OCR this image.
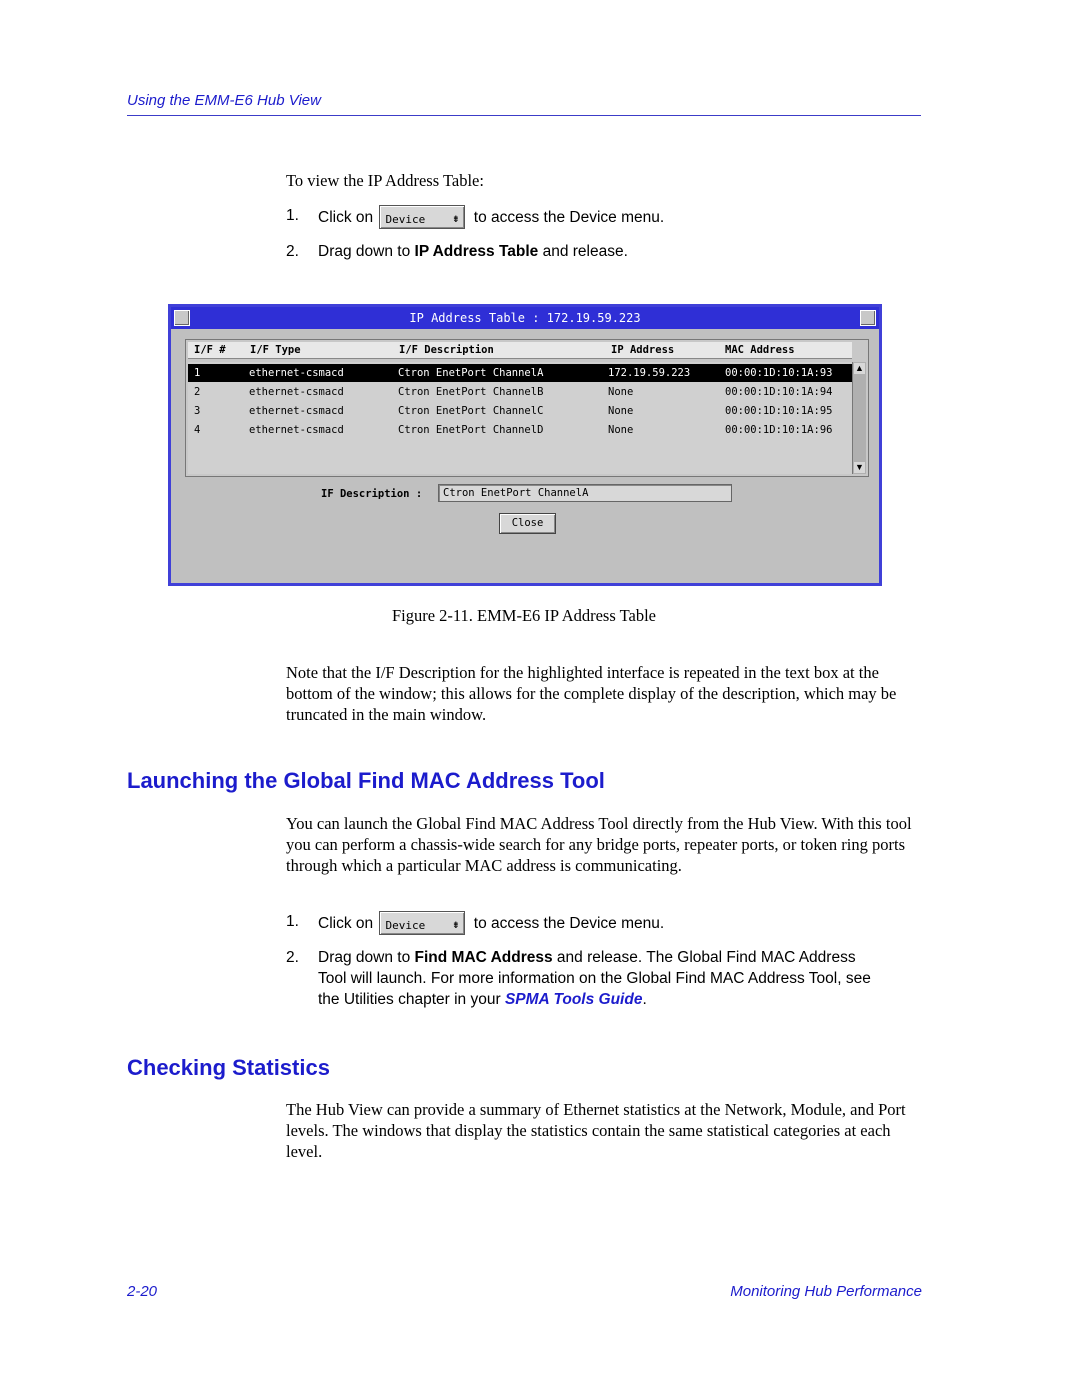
Using the EMM-E6 Hub View
To view the IP Address Table:
1.	Click on Device ⇟ to access the Device menu.
2.	Drag down to IP Address Table and release.
IP Address Table : 172.19.59.223
I/F # I/F Type	I/F Description	IP Address	MAC Address
1	ethernet-csmacd	Ctron EnetPort ChannelA	172.19.59.223	00:00:1D:10:1A:93
2	ethernet-csmacd	Ctron EnetPort ChannelB	None	00:00:1D:10:1A:94
3	ethernet-csmacd	Ctron EnetPort ChannelC	None	00:00:1D:10:1A:95
4	ethernet-csmacd	Ctron EnetPort ChannelD	None	00:00:1D:10:1A:96
▲
▼
IF Description :	Ctron EnetPort ChannelA
Close
Figure 2-11. EMM-E6 IP Address Table
Note that the I/F Description for the highlighted interface is repeated in the text box at the bottom of the window; this allows for the complete display of the description, which may be truncated in the main window.
Launching the Global Find MAC Address Tool
You can launch the Global Find MAC Address Tool directly from the Hub View. With this tool you can perform a chassis-wide search for any bridge ports, repeater ports, or token ring ports through which a particular MAC address is communicating.
1.	Click on Device ⇟ to access the Device menu.
2.	Drag down to Find MAC Address and release. The Global Find MAC Address Tool will launch. For more information on the Global Find MAC Address Tool, see the Utilities chapter in your SPMA Tools Guide.
Checking Statistics
The Hub View can provide a summary of Ethernet statistics at the Network, Module, and Port levels. The windows that display the statistics contain the same statistical categories at each level.
2-20	Monitoring Hub Performance
